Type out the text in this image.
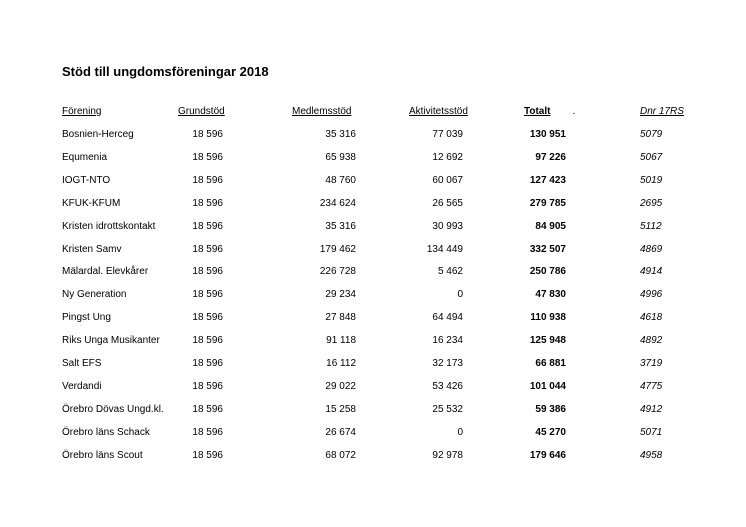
Stöd till ungdomsföreningar 2018
Förening	Grundstöd	Medlemsstöd	Aktivitetsstöd	Totalt .	Dnr 17RS
Bosnien-Herceg	18 596	35 316	77 039	130 951	5079
Equmenia	18 596	65 938	12 692	97 226	5067
IOGT-NTO	18 596	48 760	60 067	127 423	5019
KFUK-KFUM	18 596	234 624	26 565	279 785	2695
Kristen idrottskontakt	18 596	35 316	30 993	84 905	5112
Kristen Samv	18 596	179 462	134 449	332 507	4869
Mälardal. Elevkårer	18 596	226 728	5 462	250 786	4914
Ny Generation	18 596	29 234	0	47 830	4996
Pingst Ung	18 596	27 848	64 494	110 938	4618
Riks Unga Musikanter	18 596	91 118	16 234	125 948	4892
Salt EFS	18 596	16 112	32 173	66 881	3719
Verdandi	18 596	29 022	53 426	101 044	4775
Örebro Dövas Ungd.kl.	18 596	15 258	25 532	59 386	4912
Örebro läns Schack	18 596	26 674	0	45 270	5071
Örebro läns Scout	18 596	68 072	92 978	179 646	4958
